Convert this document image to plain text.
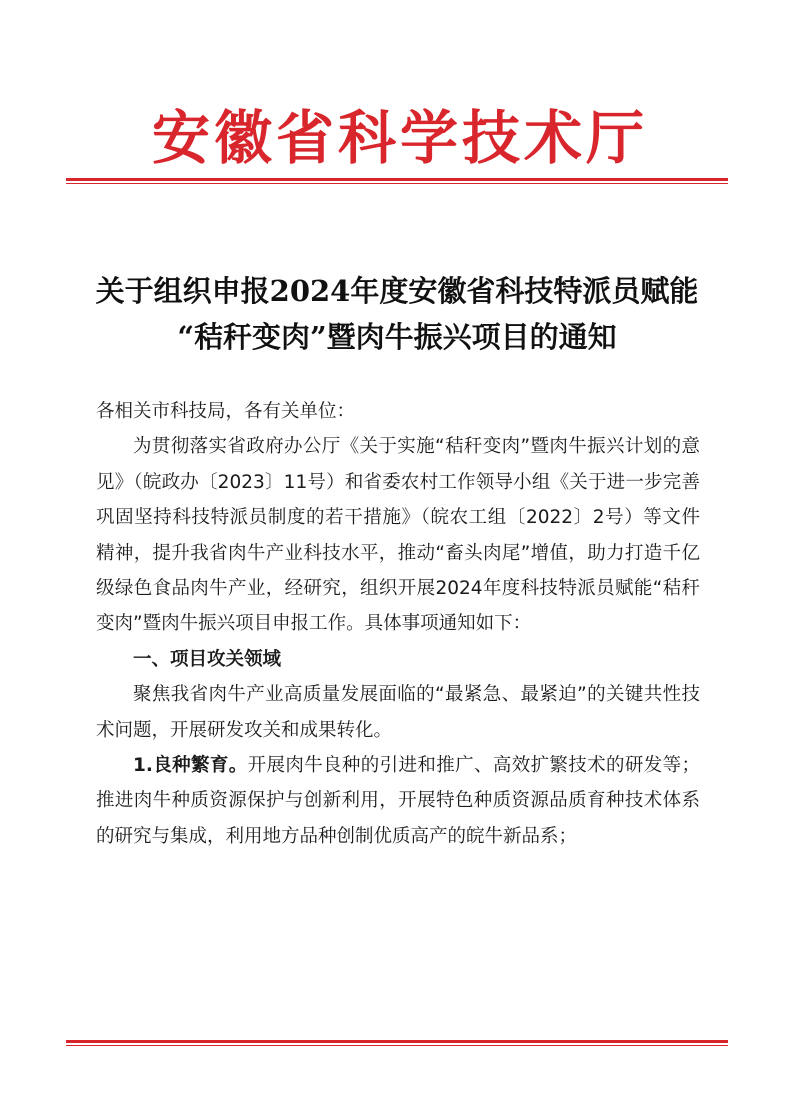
安徽省科学技术厅
关于组织申报2024年度安徽省科技特派员赋能
“秸秆变肉”暨肉牛振兴项目的通知

各相关市科技局，各有关单位：

为贯彻落实省政府办公厅《关于实施“秸秆变肉”暨肉牛振兴计划的意见》（皖政办〔2023〕11号）和省委农村工作领导小组《关于进一步完善巩固坚持科技特派员制度的若干措施》（皖农工组〔2022〕2号）等文件精神，提升我省肉牛产业科技水平，推动“畜头肉尾”增值，助力打造千亿级绿色食品肉牛产业，经研究，组织开展2024年度科技特派员赋能“秸秆变肉”暨肉牛振兴项目申报工作。具体事项通知如下：

一、项目攻关领域

聚焦我省肉牛产业高质量发展面临的“最紧急、最紧迫”的关键共性技术问题，开展研发攻关和成果转化。

1.良种繁育。开展肉牛良种的引进和推广、高效扩繁技术的研发等；推进肉牛种质资源保护与创新利用，开展特色种质资源品质育种技术体系的研究与集成，利用地方品种创制优质高产的皖牛新品系；
